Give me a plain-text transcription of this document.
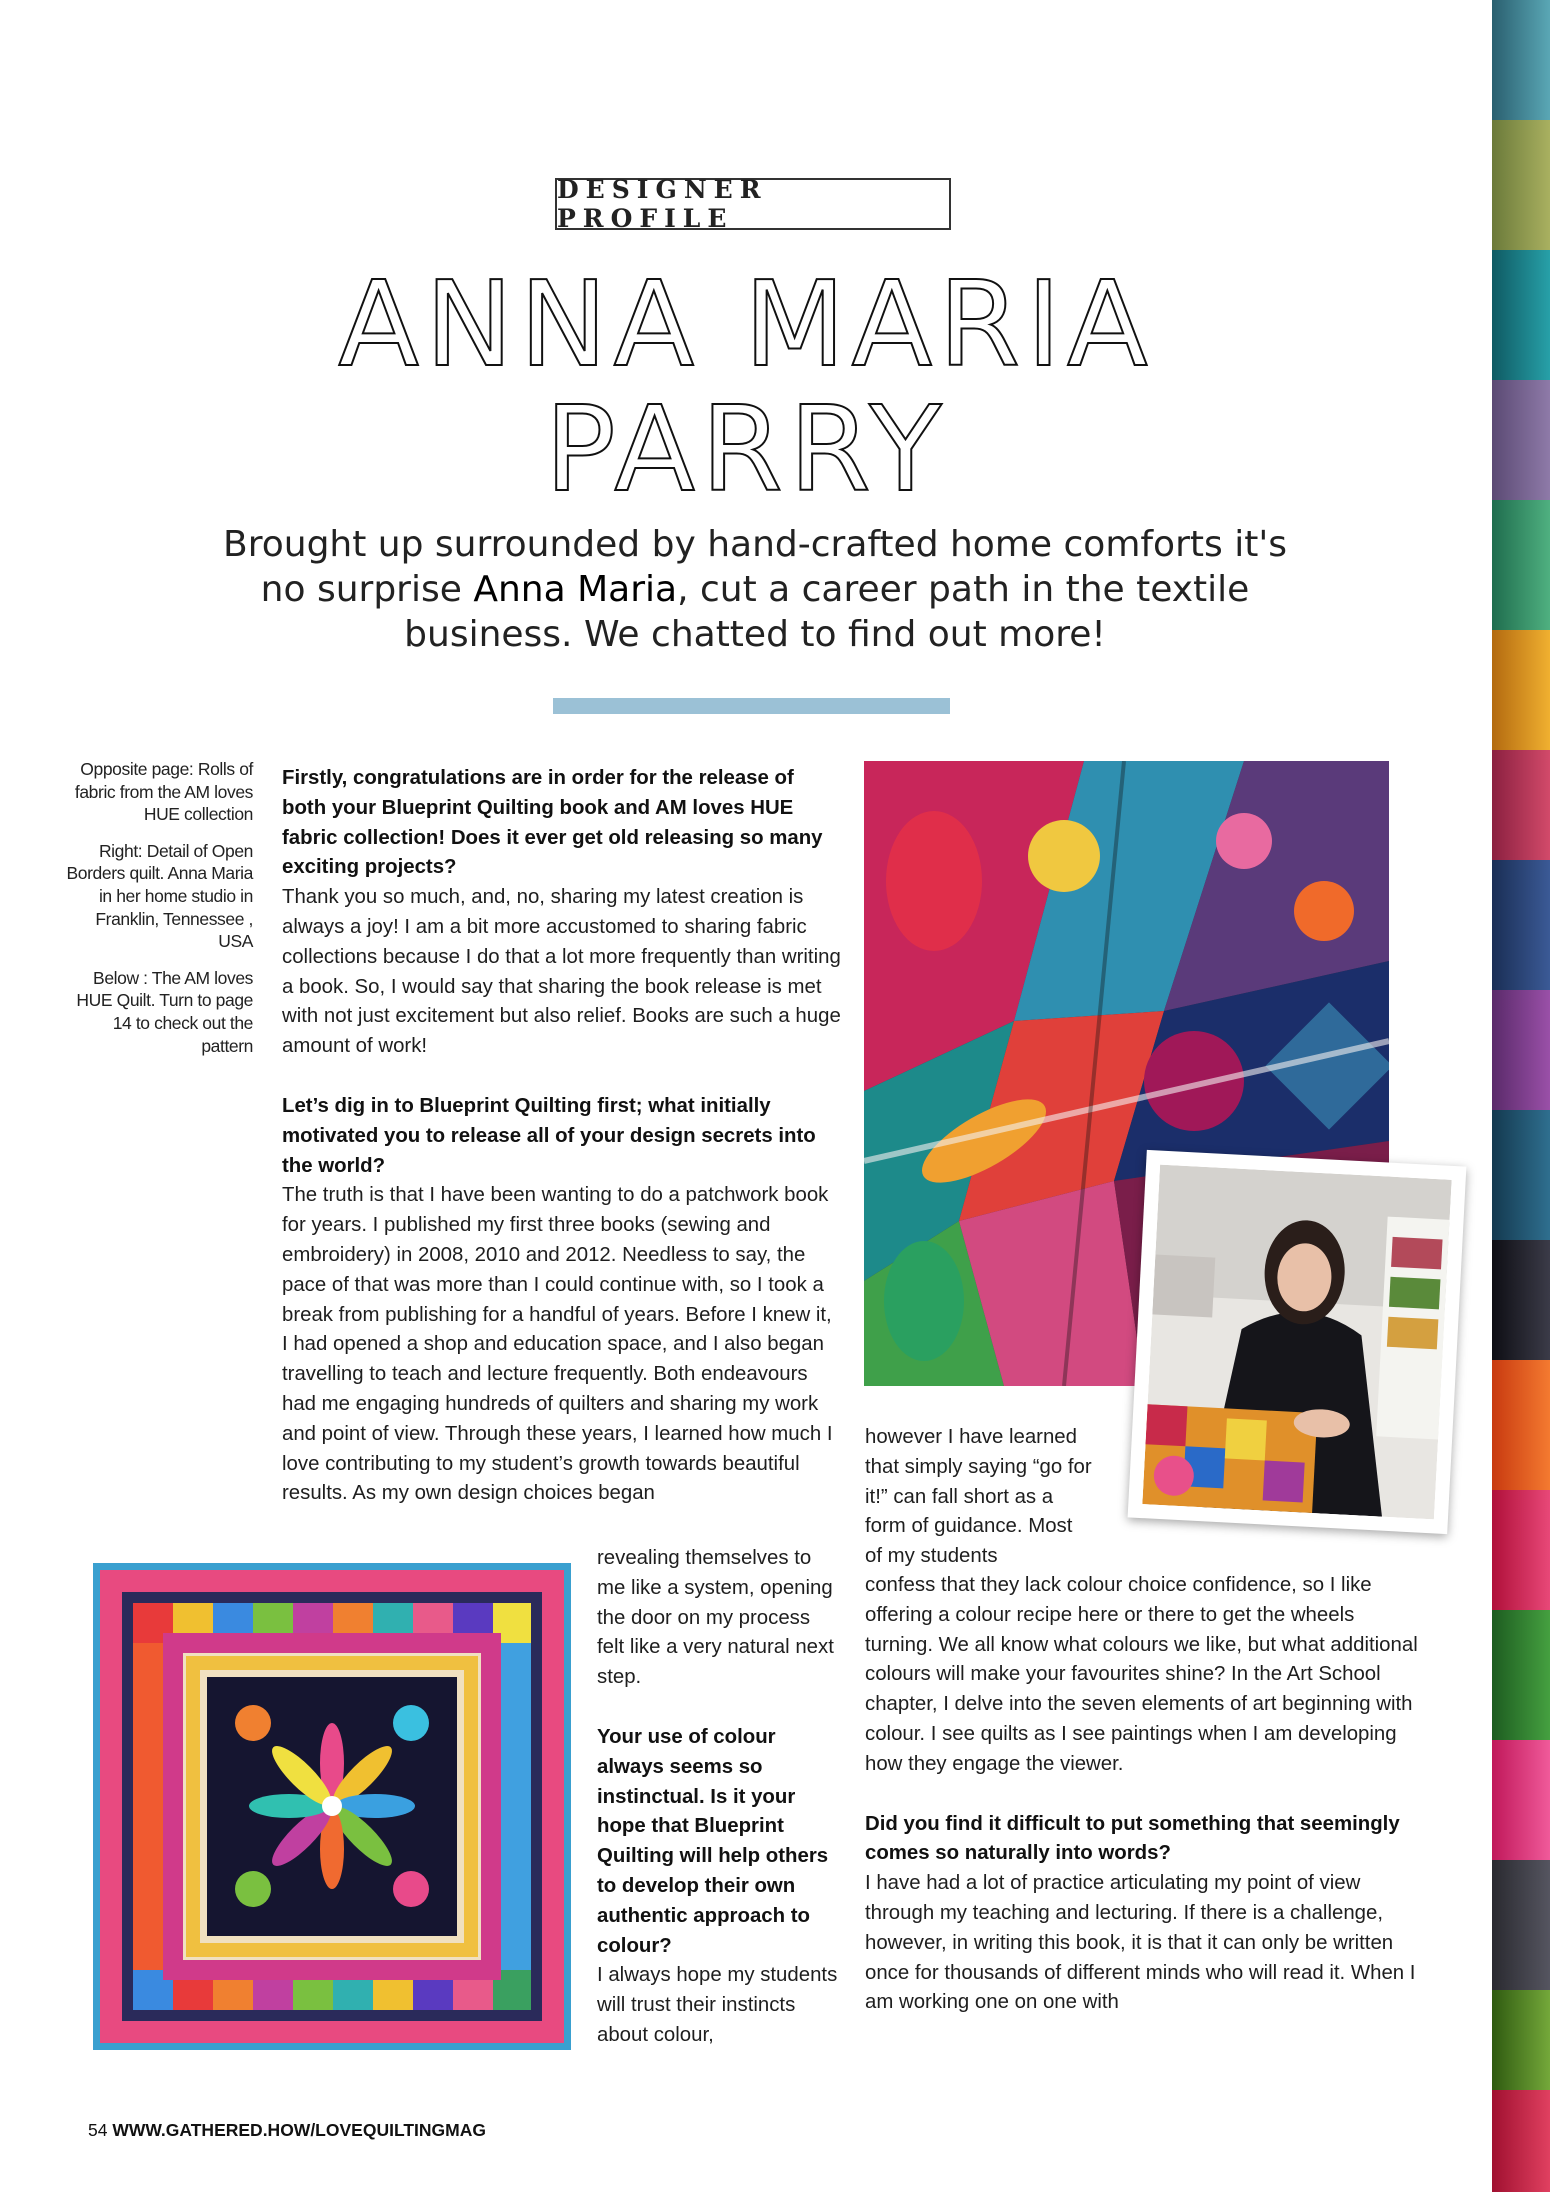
DESIGNER PROFILE
ANNA MARIA
PARRY
Brought up surrounded by hand-crafted home comforts it's no surprise Anna Maria, cut a career path in the textile business. We chatted to find out more!

Opposite page: Rolls of fabric from the AM loves HUE collection

Right: Detail of Open Borders quilt. Anna Maria in her home studio in Franklin, Tennessee , USA

Below : The AM loves HUE Quilt. Turn to page 14 to check out the pattern

Firstly, congratulations are in order for the release of both your Blueprint Quilting book and AM loves HUE fabric collection! Does it ever get old releasing so many exciting projects?

Thank you so much, and, no, sharing my latest creation is always a joy! I am a bit more accustomed to sharing fabric collections because I do that a lot more frequently than writing a book. So, I would say that sharing the book release is met with not just excitement but also relief. Books are such a huge amount of work!

Let’s dig in to Blueprint Quilting first; what initially motivated you to release all of your design secrets into the world?

The truth is that I have been wanting to do a patchwork book for years. I published my first three books (sewing and embroidery) in 2008, 2010 and 2012. Needless to say, the pace of that was more than I could continue with, so I took a break from publishing for a handful of years. Before I knew it, I had opened a shop and education space, and I also began travelling to teach and lecture frequently. Both endeavours had me engaging hundreds of quilters and sharing my work and point of view. Through these years, I learned how much I love contributing to my student’s growth towards beautiful results. As my own design choices began

revealing themselves to me like a system, opening the door on my process felt like a very natural next step.

Your use of colour always seems so instinctual. Is it your hope that Blueprint Quilting will help others to develop their own authentic approach to colour?

I always hope my students will trust their instincts about colour,

however I have learned that simply saying “go for it!” can fall short as a form of guidance. Most of my students

confess that they lack colour choice confidence, so I like offering a colour recipe here or there to get the wheels turning. We all know what colours we like, but what additional colours will make your favourites shine? In the Art School chapter, I delve into the seven elements of art beginning with colour. I see quilts as I see paintings when I am developing how they engage the viewer.

Did you find it difficult to put something that seemingly comes so naturally into words?

I have had a lot of practice articulating my point of view through my teaching and lecturing. If there is a challenge, however, in writing this book, it is that it can only be written once for thousands of different minds who will read it. When I am working one on one with

54 WWW.GATHERED.HOW/LOVEQUILTINGMAG
